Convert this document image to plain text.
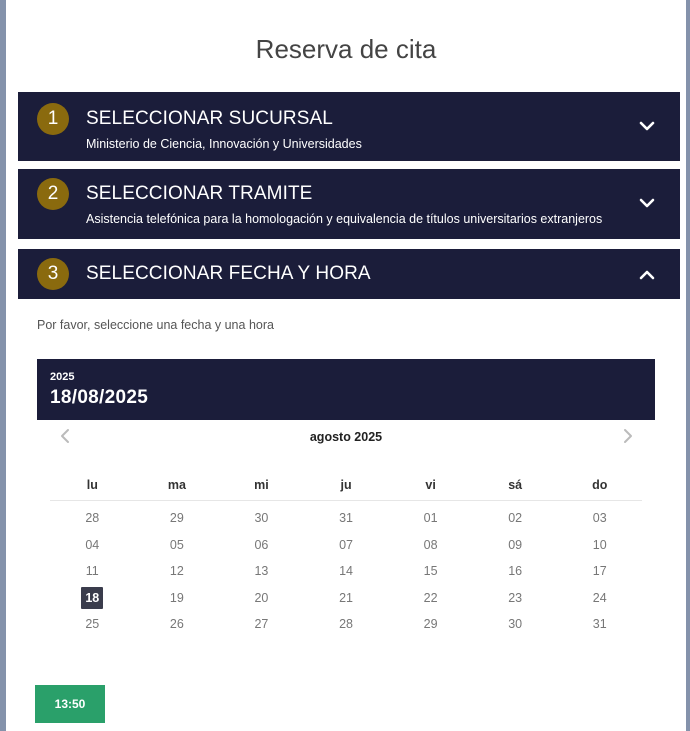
Reserva de cita
1	SELECCIONAR SUCURSAL
Ministerio de Ciencia, Innovación y Universidades
2	SELECCIONAR TRAMITE
Asistencia telefónica para la homologación y equivalencia de títulos universitarios extranjeros
3	SELECCIONAR FECHA Y HORA
Por favor, seleccione una fecha y una hora
2025
18/08/2025
agosto 2025
lu	ma	mi	ju	vi	sá	do
28	29	30	31	01	02	03
04	05	06	07	08	09	10
11	12	13	14	15	16	17
18	19	20	21	22	23	24
25	26	27	28	29	30	31
13:50
